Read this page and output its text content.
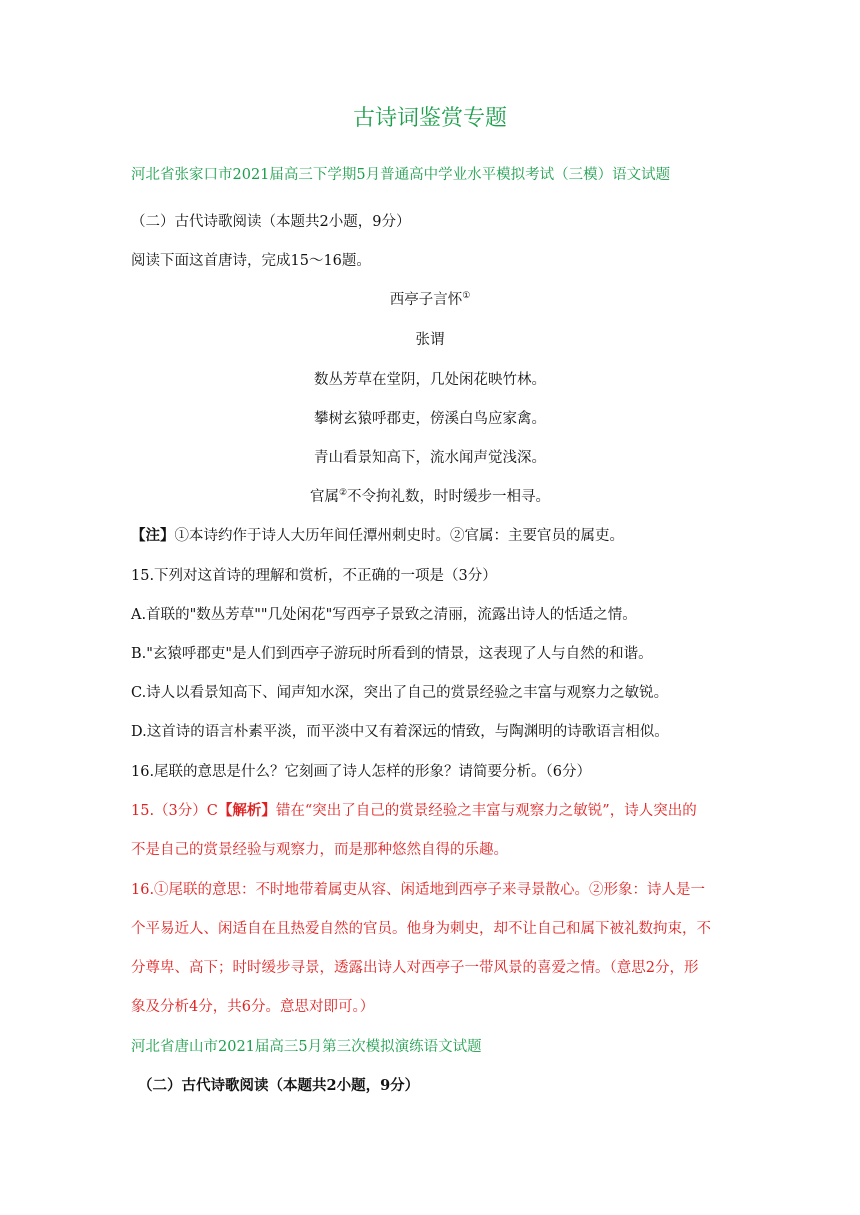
古诗词鉴赏专题
河北省张家口市2021届高三下学期5月普通高中学业水平模拟考试（三模）语文试题
（二）古代诗歌阅读（本题共2小题，9分）
阅读下面这首唐诗，完成15～16题。
西亭子言怀①
张谓
数丛芳草在堂阴，几处闲花映竹林。
攀树玄猿呼郡吏，傍溪白鸟应家禽。
青山看景知高下，流水闻声觉浅深。
官属②不令拘礼数，时时缓步一相寻。
【注】①本诗约作于诗人大历年间任潭州刺史时。②官属：主要官员的属吏。
15.下列对这首诗的理解和赏析，不正确的一项是（3分）
A.首联的"数丛芳草""几处闲花"写西亭子景致之清丽，流露出诗人的恬适之情。
B."玄猿呼郡吏"是人们到西亭子游玩时所看到的情景，这表现了人与自然的和谐。
C.诗人以看景知高下、闻声知水深，突出了自己的赏景经验之丰富与观察力之敏锐。
D.这首诗的语言朴素平淡，而平淡中又有着深远的情致，与陶渊明的诗歌语言相似。
16.尾联的意思是什么？它刻画了诗人怎样的形象？请简要分析。（6分）
15.（3分）C【解析】错在“突出了自己的赏景经验之丰富与观察力之敏锐”，诗人突出的
不是自己的赏景经验与观察力，而是那种悠然自得的乐趣。
16.①尾联的意思：不时地带着属吏从容、闲适地到西亭子来寻景散心。②形象：诗人是一
个平易近人、闲适自在且热爱自然的官员。他身为刺史，却不让自己和属下被礼数拘束，不
分尊卑、高下；时时缓步寻景，透露出诗人对西亭子一带风景的喜爱之情。（意思2分，形
象及分析4分，共6分。意思对即可。）
河北省唐山市2021届高三5月第三次模拟演练语文试题
（二）古代诗歌阅读（本题共2小题，9分）
